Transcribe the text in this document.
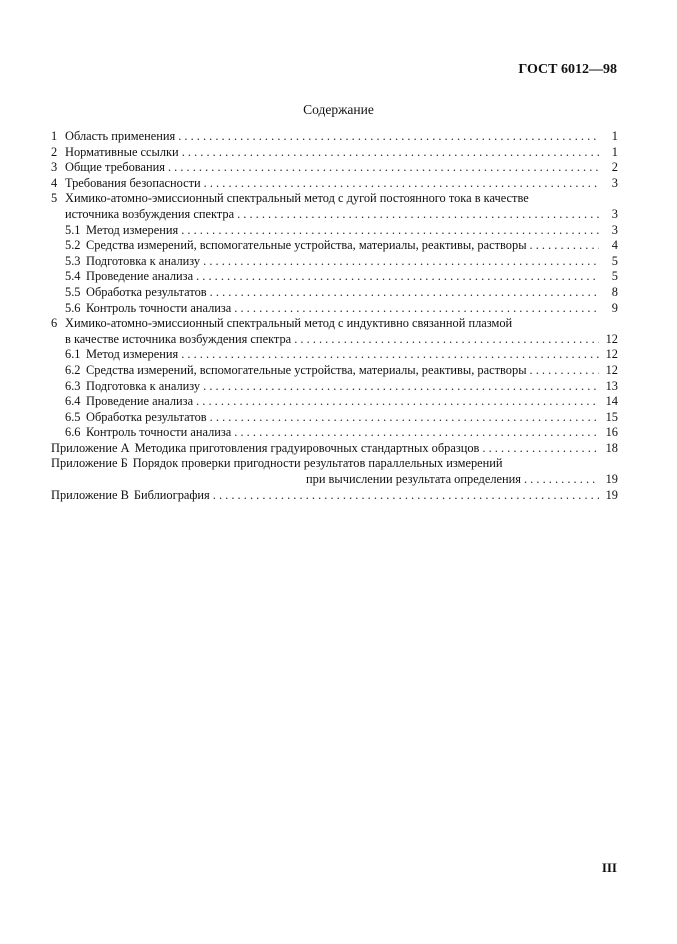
ГОСТ 6012—98
Содержание
1 Область применения . . .	1
2 Нормативные ссылки . . .	1
3 Общие требования . . .	2
4 Требования безопасности . . .	3
5 Химико-атомно-эмиссионный спектральный метод с дугой постоянного тока в качестве
источника возбуждения спектра . . .	3
5.1 Метод измерения . . .	3
5.2 Средства измерений, вспомогательные устройства, материалы, реактивы, растворы . . .	4
5.3 Подготовка к анализу . . .	5
5.4 Проведение анализа . . .	5
5.5 Обработка результатов . . .	8
5.6 Контроль точности анализа . . .	9
6 Химико-атомно-эмиссионный спектральный метод с индуктивно связанной плазмой
в качестве источника возбуждения спектра . . .	12
6.1 Метод измерения . . .	12
6.2 Средства измерений, вспомогательные устройства, материалы, реактивы, растворы . . .	12
6.3 Подготовка к анализу . . .	13
6.4 Проведение анализа . . .	14
6.5 Обработка результатов . . .	15
6.6 Контроль точности анализа . . .	16
Приложение А Методика приготовления градуировочных стандартных образцов . . .	18
Приложение Б Порядок проверки пригодности результатов параллельных измерений
при вычислении результата определения . . .	19
Приложение В Библиография . . .	19
III
